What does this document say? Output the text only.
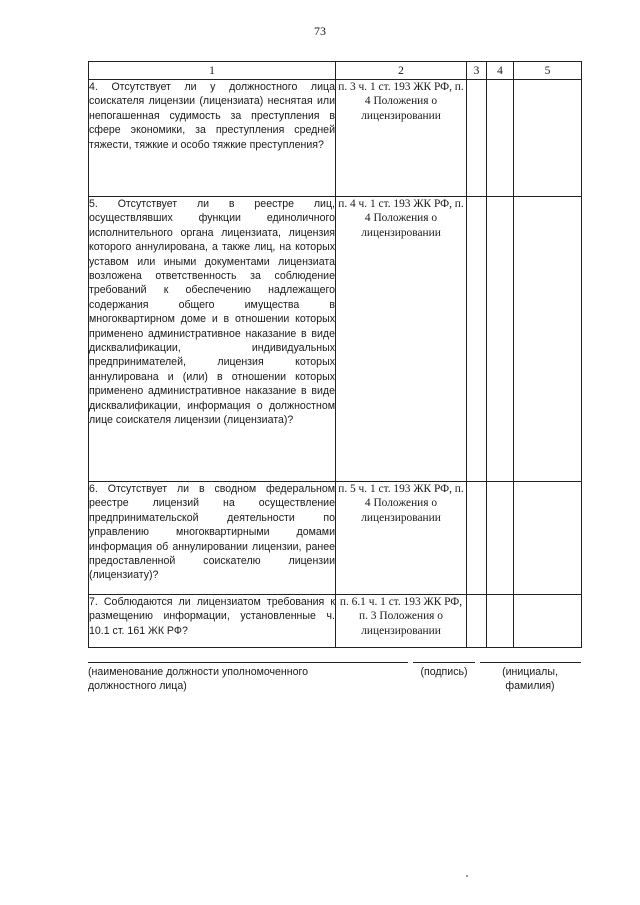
73
1	2	3	4	5
4. Отсутствует ли у должностного лица соискателя лицензии (лицензиата) неснятая или непогашенная судимость за преступления в сфере экономики, за преступления средней тяжести, тяжкие и особо тяжкие преступления?	п. 3 ч. 1 ст. 193 ЖК РФ, п. 4 Положения о лицензировании			
5. Отсутствует ли в реестре лиц, осуществлявших функции единоличного исполнительного органа лицензиата, лицензия которого аннулирована, а также лиц, на которых уставом или иными документами лицензиата возложена ответственность за соблюдение требований к обеспечению надлежащего содержания общего имущества в многоквартирном доме и в отношении которых применено административное наказание в виде дисквалификации, индивидуальных предпринимателей, лицензия которых аннулирована и (или) в отношении которых применено административное наказание в виде дисквалификации, информация о должностном лице соискателя лицензии (лицензиата)?	п. 4 ч. 1 ст. 193 ЖК РФ, п. 4 Положения о лицензировании			
6. Отсутствует ли в сводном федеральном реестре лицензий на осуществление предпринимательской деятельности по управлению многоквартирными домами информация об аннулировании лицензии, ранее предоставленной соискателю лицензии (лицензиату)?	п. 5 ч. 1 ст. 193 ЖК РФ, п. 4 Положения о лицензировании			
7. Соблюдаются ли лицензиатом требования к размещению информации, установленные ч. 10.1 ст. 161 ЖК РФ?	п. 6.1 ч. 1 ст. 193 ЖК РФ, п. 3 Положения о лицензировании			
(наименование должности уполномоченного должностного лица)
(подпись)	(инициалы, фамилия)
